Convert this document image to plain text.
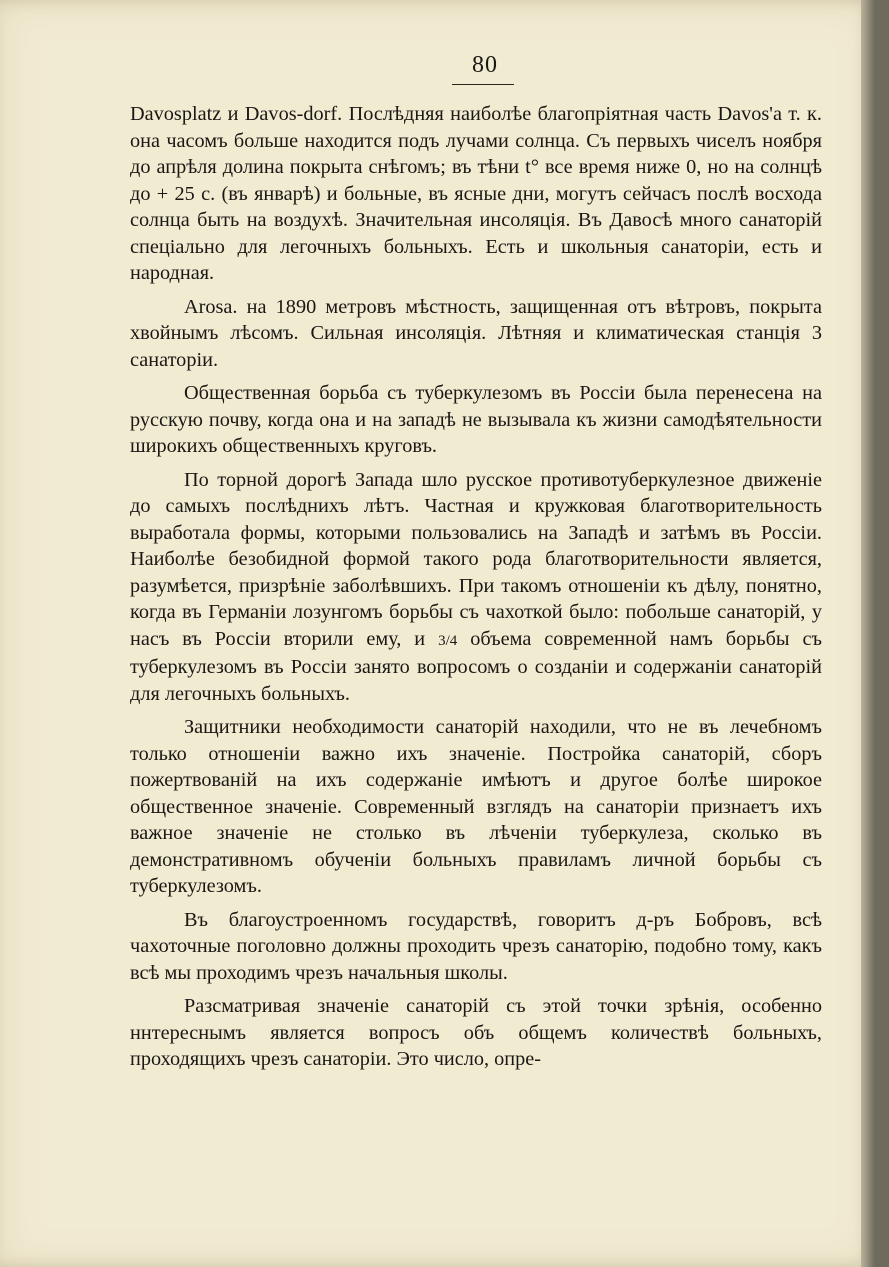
80

Davosplatz и Davos-dorf. Послѣдняя наиболѣе благопріятная часть Davos'а т. к. она часомъ больше находится подъ лучами солнца. Съ первыхъ чиселъ ноября до апрѣля долина покрыта снѣгомъ; въ тѣни t° все время ниже 0, но на солнцѣ до + 25 с. (въ январѣ) и больные, въ ясные дни, могутъ сейчасъ послѣ восхода солнца быть на воздухѣ. Значительная инсоляція. Въ Давосѣ много санаторій спеціально для легочныхъ больныхъ. Есть и школьныя санаторіи, есть и народная.

Arosa. на 1890 метровъ мѣстность, защищенная отъ вѣтровъ, покрыта хвойнымъ лѣсомъ. Сильная инсоляція. Лѣтняя и климатическая станція 3 санаторіи.

Общественная борьба съ туберкулезомъ въ Россіи была перенесена на русскую почву, когда она и на западѣ не вызывала къ жизни самодѣятельности широкихъ общественныхъ круговъ.

По торной дорогѣ Запада шло русское противотуберкулезное движеніе до самыхъ послѣднихъ лѣтъ. Частная и кружковая благотворительность выработала формы, которыми пользовались на Западѣ и затѣмъ въ Россіи. Наиболѣе безобидной формой такого рода благотворительности является, разумѣется, призрѣніе заболѣвшихъ. При такомъ отношеніи къ дѣлу, понятно, когда въ Германіи лозунгомъ борьбы съ чахоткой было: побольше санаторій, у насъ въ Россіи вторили ему, и 3/4 объема современной намъ борьбы съ туберкулезомъ въ Россіи занято вопросомъ о созданіи и содержаніи санаторій для легочныхъ больныхъ.

Защитники необходимости санаторій находили, что не въ лечебномъ только отношеніи важно ихъ значеніе. Постройка санаторій, сборъ пожертвованій на ихъ содержаніе имѣютъ и другое болѣе широкое общественное значеніе. Современный взглядъ на санаторіи признаетъ ихъ важное значеніе не столько въ лѣченіи туберкулеза, сколько въ демонстративномъ обученіи больныхъ правиламъ личной борьбы съ туберкулезомъ.

Въ благоустроенномъ государствѣ, говоритъ д-ръ Бобровъ, всѣ чахоточные поголовно должны проходить чрезъ санаторію, подобно тому, какъ всѣ мы проходимъ чрезъ начальныя школы.

Разсматривая значеніе санаторій съ этой точки зрѣнія, особенно ннтереснымъ является вопросъ объ общемъ количествѣ больныхъ, проходящихъ чрезъ санаторіи. Это число, опре-
